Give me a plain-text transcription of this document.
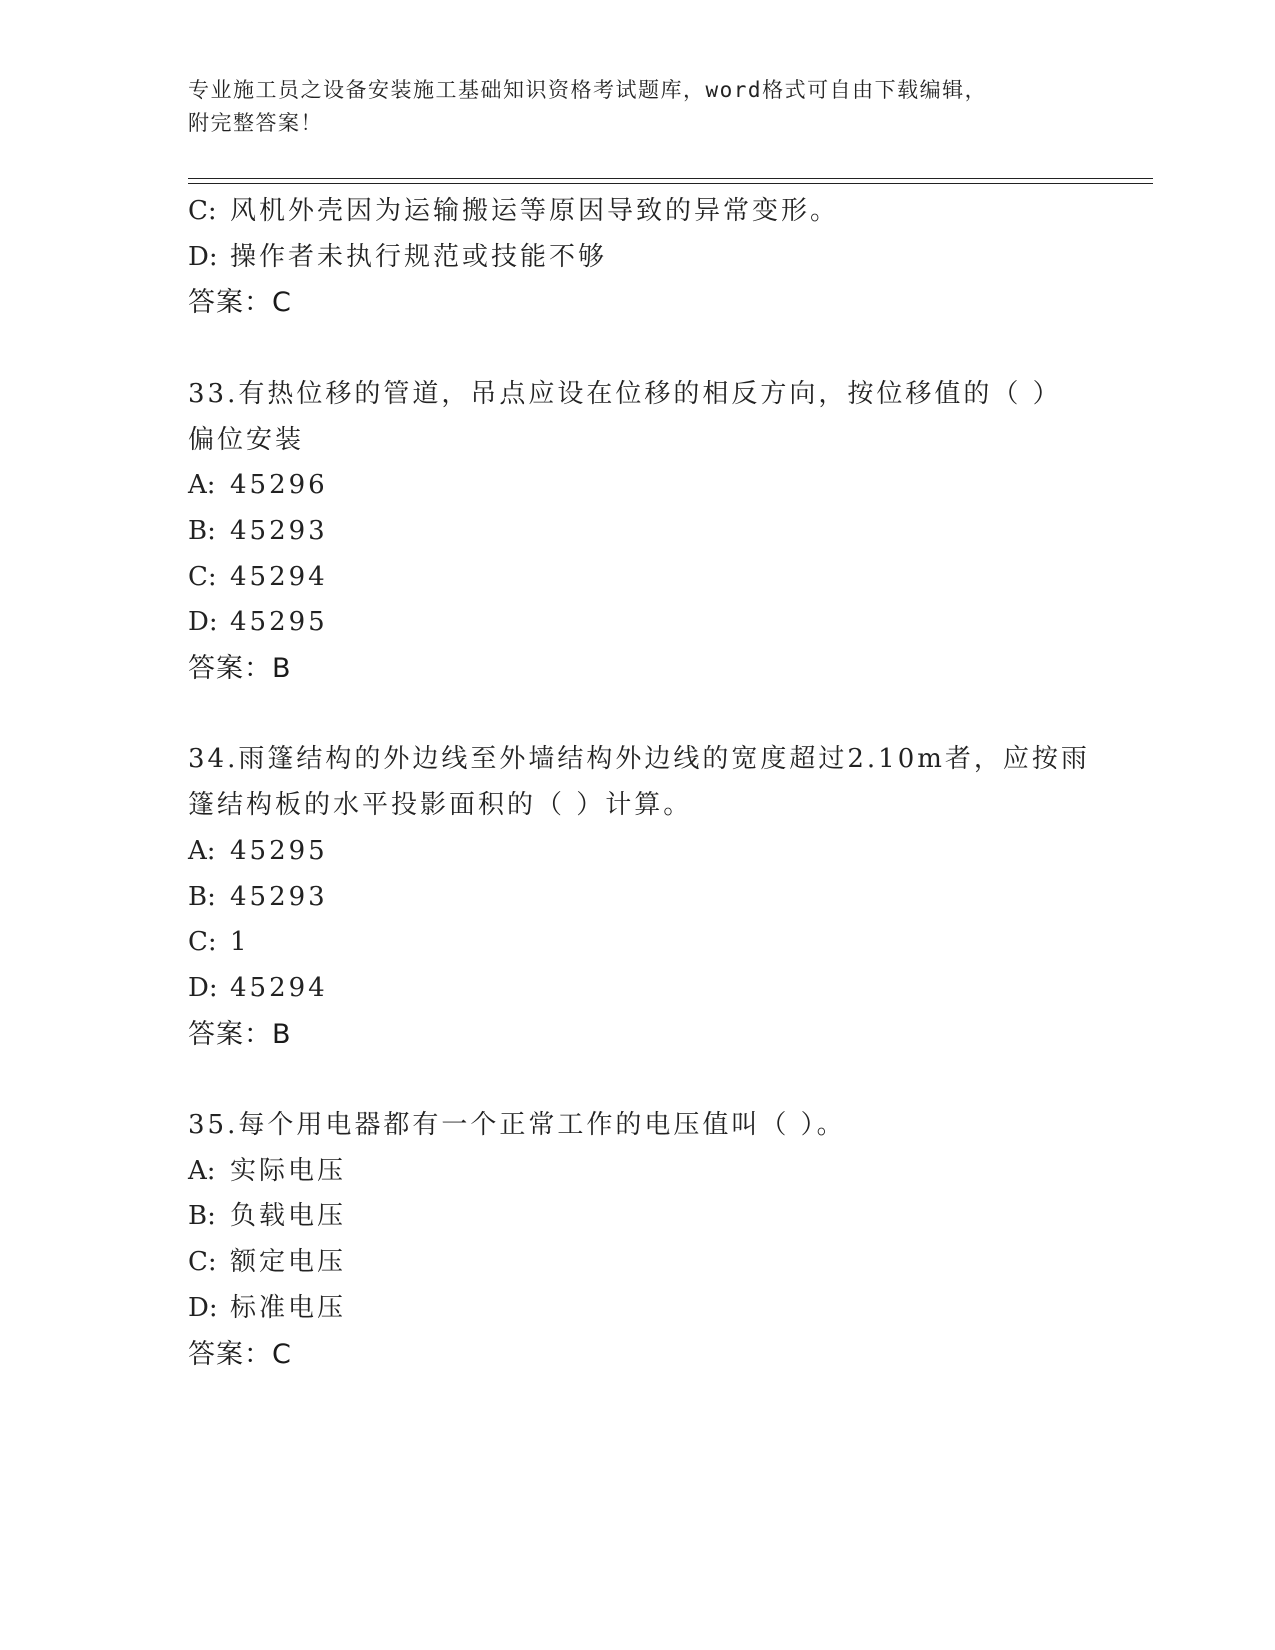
专业施工员之设备安装施工基础知识资格考试题库，word格式可自由下载编辑，
附完整答案！
C: 风机外壳因为运输搬运等原因导致的异常变形。
D: 操作者未执行规范或技能不够
答案：C
33.有热位移的管道，吊点应设在位移的相反方向，按位移值的（ ）
偏位安装
A: 45296
B: 45293
C: 45294
D: 45295
答案：B
34.雨篷结构的外边线至外墙结构外边线的宽度超过2.10m者，应按雨
篷结构板的水平投影面积的（ ）计算。
A: 45295
B: 45293
C: 1
D: 45294
答案：B
35.每个用电器都有一个正常工作的电压值叫（ ）。
A: 实际电压
B: 负载电压
C: 额定电压
D: 标准电压
答案：C
